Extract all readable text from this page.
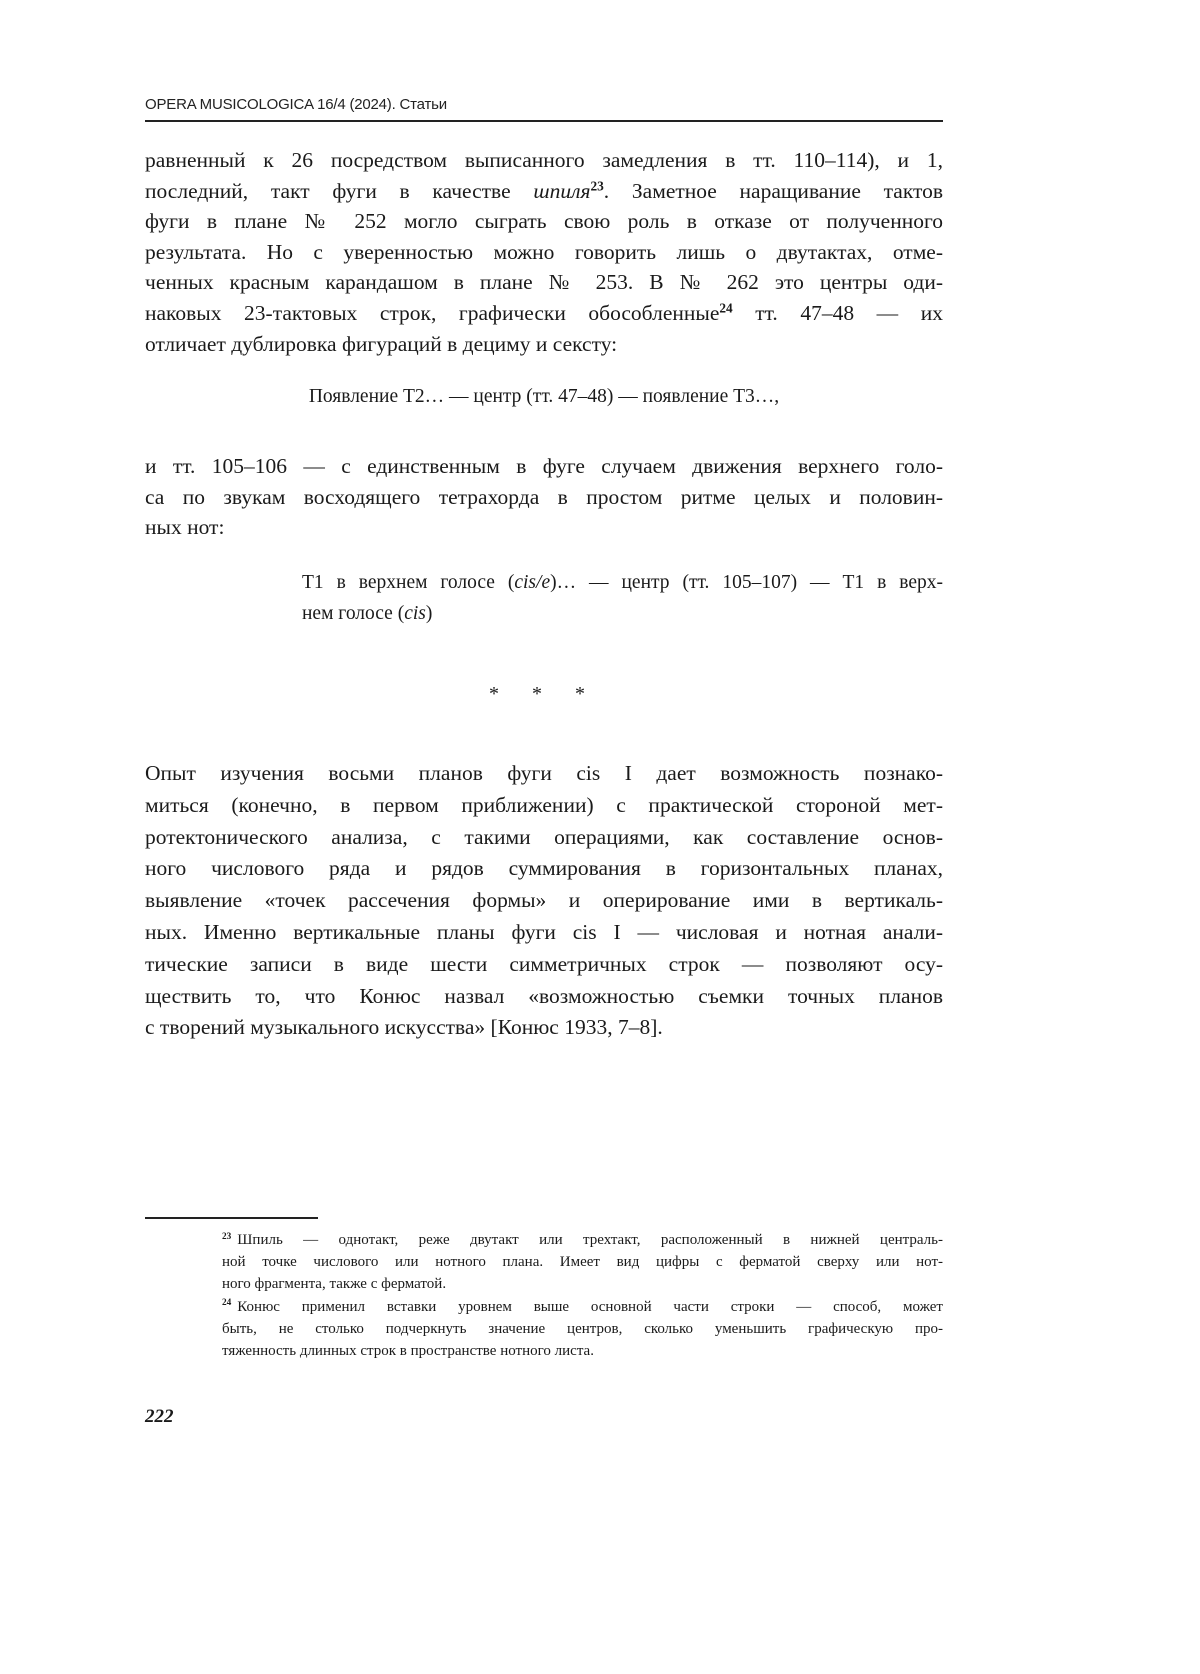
OPERA MUSICOLOGICA 16/4 (2024). Статьи
равненный к 26 посредством выписанного замедления в тт. 110–114), и 1,
последний, такт фуги в качестве шпиля23. Заметное наращивание тактов
фуги в плане № 252 могло сыграть свою роль в отказе от полученного
результата. Но с уверенностью можно говорить лишь о двутактах, отме-
ченных красным карандашом в плане № 253. В № 262 это центры оди-
наковых 23-тактовых строк, графически обособленные24 тт. 47–48 — их
отличает дублировка фигураций в дециму и сексту:
Появление Т2… — центр (тт. 47–48) — появление Т3…,
и тт. 105–106 — с единственным в фуге случаем движения верхнего голо-
са по звукам восходящего тетрахорда в простом ритме целых и половин-
ных нот:
Т1 в верхнем голосе (cis/e)… — центр (тт. 105–107) — Т1 в верх-
нем голосе (cis)
* * *
Опыт изучения восьми планов фуги cis I дает возможность познако-
миться (конечно, в первом приближении) с практической стороной мет-
ротектонического анализа, с такими операциями, как составление основ-
ного числового ряда и рядов суммирования в горизонтальных планах,
выявление «точек рассечения формы» и оперирование ими в вертикаль-
ных. Именно вертикальные планы фуги cis I — числовая и нотная анали-
тические записи в виде шести симметричных строк — позволяют осу-
ществить то, что Конюс назвал «возможностью съемки точных планов
с творений музыкального искусства» [Конюс 1933, 7–8].
23 Шпиль — однотакт, реже двутакт или трехтакт, расположенный в нижней централь-
ной точке числового или нотного плана. Имеет вид цифры с ферматой сверху или нот-
ного фрагмента, также с ферматой.
24 Конюс применил вставки уровнем выше основной части строки — способ, может
быть, не столько подчеркнуть значение центров, сколько уменьшить графическую про-
тяженность длинных строк в пространстве нотного листа.
222
